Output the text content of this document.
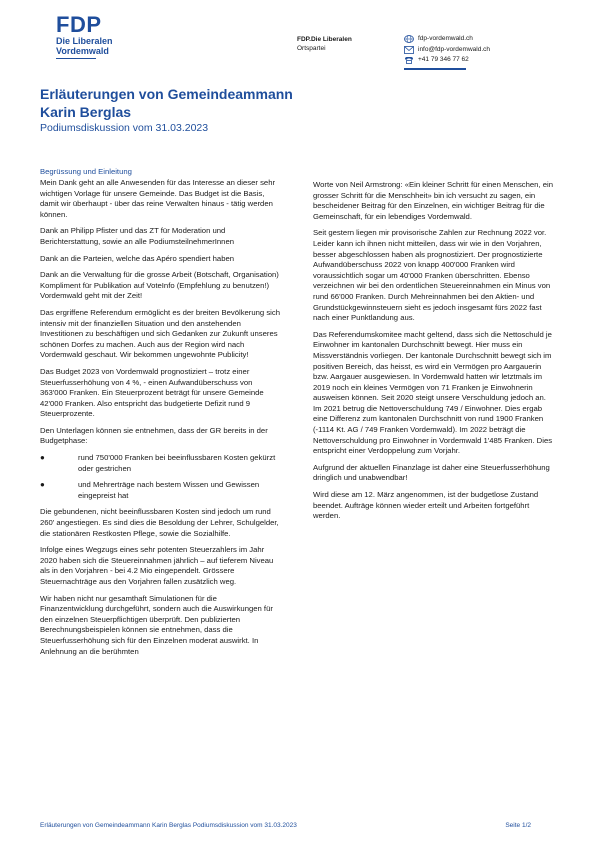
FDP
Die Liberalen
Vordemwald
FDP.Die Liberalen
Ortspartei
fdp-vordemwald.ch
info@fdp-vordemwald.ch
+41 79 346 77 62
Erläuterungen von Gemeindeammann
Karin Berglas
Podiumsdiskussion vom 31.03.2023
Begrüssung und Einleitung

Mein Dank geht an alle Anwesenden für das Interesse an dieser sehr wichtigen Vorlage für unsere Gemeinde. Das Budget ist die Basis, damit wir überhaupt - über das reine Verwalten hinaus - tätig werden können.

Dank an Philipp Pfister und das ZT für Moderation und Berichterstattung, sowie an alle PodiumsteilnehmerInnen

Dank an die Parteien, welche das Apéro spendiert haben

Dank an die Verwaltung für die grosse Arbeit (Botschaft, Organisation) Kompliment für Publikation auf VoteInfo (Empfehlung zu benutzen!) Vordemwald geht mit der Zeit!

Das ergriffene Referendum ermöglicht es der breiten Bevölkerung sich intensiv mit der finanziellen Situation und den anstehenden Investitionen zu beschäftigen und sich Gedanken zur Zukunft unseres schönen Dorfes zu machen. Auch aus der Region wird nach Vordemwald geschaut. Wir bekommen ungewohnte Publicity!

Das Budget 2023 von Vordemwald prognostiziert – trotz einer Steuerfusserhöhung von 4 %, - einen Aufwandüberschuss von 363'000 Franken. Ein Steuerprozent beträgt für unsere Gemeinde 42'000 Franken. Also entspricht das budgetierte Defizit rund 9 Steuerprozente.

Den Unterlagen können sie entnehmen, dass der GR bereits in der Budgetphase:

●	rund 750'000 Franken bei beeinflussbaren Kosten gekürzt oder gestrichen
●	und Mehrerträge nach bestem Wissen und Gewissen eingepreist hat

Die gebundenen, nicht beeinflussbaren Kosten sind jedoch um rund 260' angestiegen. Es sind dies die Besoldung der Lehrer, Schulgelder, die stationären Restkosten Pflege, sowie die Sozialhilfe.

Infolge eines Wegzugs eines sehr potenten Steuerzahlers im Jahr 2020 haben sich die Steuereinnahmen jährlich – auf tieferem Niveau als in den Vorjahren - bei 4.2 Mio eingependelt. Grössere Steuernachträge aus den Vorjahren fallen zusätzlich weg.

Wir haben nicht nur gesamthaft Simulationen für die Finanzentwicklung durchgeführt, sondern auch die Auswirkungen für den einzelnen Steuerpflichtigen überprüft. Den publizierten Berechnungsbeispielen können sie entnehmen, dass die Steuerfusserhöhung sich für den Einzelnen moderat auswirkt. In Anlehnung an die berühmten

Worte von Neil Armstrong: «Ein kleiner Schritt für einen Menschen, ein grosser Schritt für die Menschheit» bin ich versucht zu sagen, ein bescheidener Beitrag für den Einzelnen, ein wichtiger Beitrag für die Gemeinschaft, für ein lebendiges Vordemwald.

Seit gestern liegen mir provisorische Zahlen zur Rechnung 2022 vor. Leider kann ich ihnen nicht mitteilen, dass wir wie in den Vorjahren, besser abgeschlossen haben als prognostiziert. Der prognostizierte Aufwandüberschuss 2022 von knapp 400'000 Franken wird voraussichtlich sogar um 40'000 Franken überschritten. Ebenso verzeichnen wir bei den ordentlichen Steuereinnahmen ein Minus von rund 66'000 Franken. Durch Mehreinnahmen bei den Aktien- und Grundstückgewinnsteuern sieht es jedoch insgesamt fürs 2022 fast nach einer Punktlandung aus.

Das Referendumskomitee macht geltend, dass sich die Nettoschuld je Einwohner im kantonalen Durchschnitt bewegt. Hier muss ein Missverständnis vorliegen. Der kantonale Durchschnitt bewegt sich im positiven Bereich, das heisst, es wird ein Vermögen pro Aargauerin bzw. Aargauer ausgewiesen. In Vordemwald hatten wir letztmals im 2019 noch ein kleines Vermögen von 71 Franken je Einwohnerin ausweisen können. Seit 2020 steigt unsere Verschuldung jedoch an. Im 2021 betrug die Nettoverschuldung 749 / Einwohner. Dies ergab eine Differenz zum kantonalen Durchschnitt von rund 1900 Franken (-1114 Kt. AG / 749 Franken Vordemwald). Im 2022 beträgt die Nettoverschuldung pro Einwohner in Vordemwald 1'485 Franken. Dies entspricht einer Verdoppelung zum Vorjahr.

Aufgrund der aktuellen Finanzlage ist daher eine Steuerfusserhöhung dringlich und unabwendbar!

Wird diese am 12. März angenommen, ist der budgetlose Zustand beendet. Aufträge können wieder erteilt und Arbeiten fortgeführt werden.

Erläuterungen von Gemeindeammann Karin Berglas Podiumsdiskussion vom 31.03.2023	Seite 1/2
